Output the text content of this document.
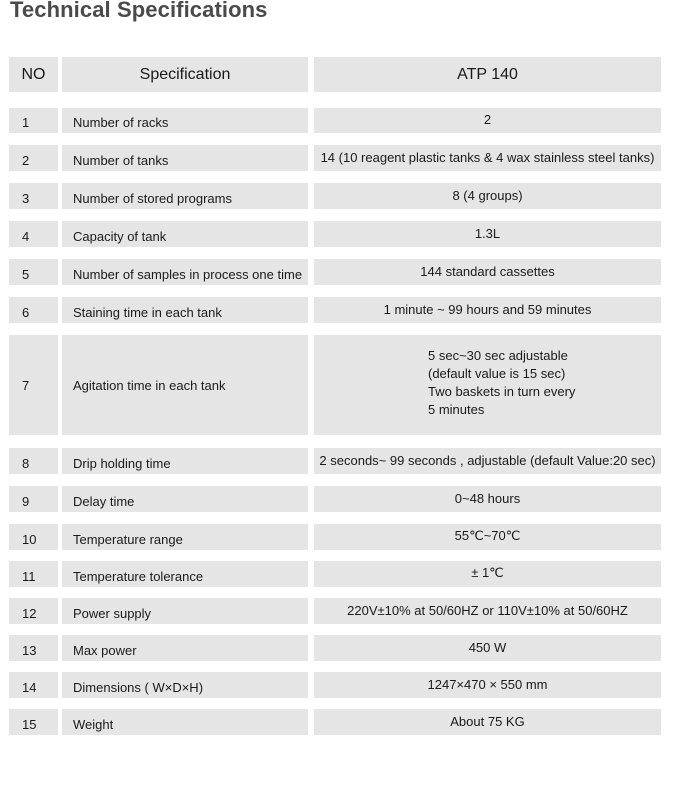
Technical Specifications
NO	Specification	ATP 140
1	Number of racks	2
2	Number of tanks	14 (10 reagent plastic tanks & 4 wax stainless steel tanks)
3	Number of stored programs	8 (4 groups)
4	Capacity of tank	1.3L
5	Number of samples in process one time	144 standard cassettes
6	Staining time in each tank	1 minute ~ 99 hours and 59 minutes
7	Agitation time in each tank
5 sec~30 sec adjustable
(default value is 15 sec)
Two baskets in turn every
5 minutes
8	Drip holding time	2 seconds~ 99 seconds , adjustable (default Value:20 sec)
9	Delay time	0~48 hours
10	Temperature range	55℃~70℃
11	Temperature tolerance	± 1℃
12	Power supply	220V±10% at 50/60HZ or 110V±10% at 50/60HZ
13	Max power	450 W
14	Dimensions ( W×D×H)	1247×470 × 550 mm
15	Weight	About 75 KG
